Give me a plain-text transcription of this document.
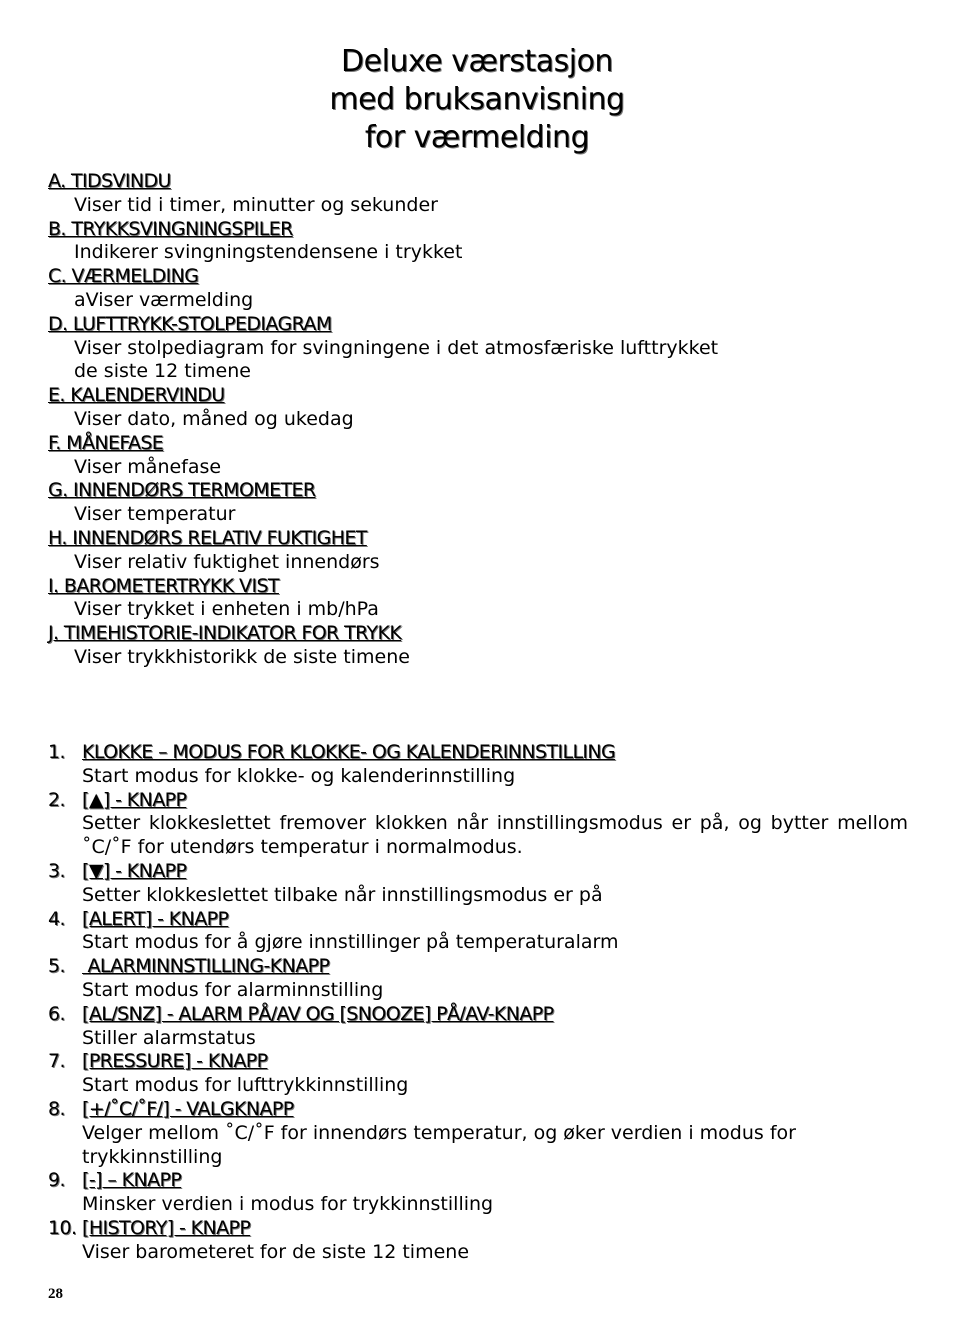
Deluxe værstasjon
med bruksanvisning
for værmelding
A. TIDSVINDU
Viser tid i timer, minutter og sekunder
B. TRYKKSVINGNINGSPILER
Indikerer svingningstendensene i trykket
C. VÆRMELDING
aViser værmelding
D. LUFTTRYKK-STOLPEDIAGRAM
Viser stolpediagram for svingningene i det atmosfæriske lufttrykket
de siste 12 timene
E. KALENDERVINDU
Viser dato, måned og ukedag
F. MÅNEFASE
Viser månefase
G. INNENDØRS TERMOMETER
Viser temperatur
H. INNENDØRS RELATIV FUKTIGHET
Viser relativ fuktighet innendørs
I. BAROMETERTRYKK VIST
Viser trykket i enheten i mb/hPa
J. TIMEHISTORIE-INDIKATOR FOR TRYKK
Viser trykkhistorikk de siste timene
1. KLOKKE – MODUS FOR KLOKKE- OG KALENDERINNSTILLING
Start modus for klokke- og kalenderinnstilling
2. [▲] - KNAPP
Setter klokkeslettet fremover klokken når innstillingsmodus er på, og bytter mellom ˚C/˚F for utendørs temperatur i normalmodus.
3. [▼] - KNAPP
Setter klokkeslettet tilbake når innstillingsmodus er på
4. [ALERT] - KNAPP
Start modus for å gjøre innstillinger på temperaturalarm
5. ALARMINNSTILLING-KNAPP
Start modus for alarminnstilling
6. [AL/SNZ] - ALARM PÅ/AV OG [SNOOZE] PÅ/AV-KNAPP
Stiller alarmstatus
7. [PRESSURE] - KNAPP
Start modus for lufttrykkinnstilling
8. [+/˚C/˚F/] - VALGKNAPP
Velger mellom ˚C/˚F for innendørs temperatur, og øker verdien i modus for trykkinnstilling
9. [-] – KNAPP
Minsker verdien i modus for trykkinnstilling
10. [HISTORY] - KNAPP
Viser barometeret for de siste 12 timene
28
